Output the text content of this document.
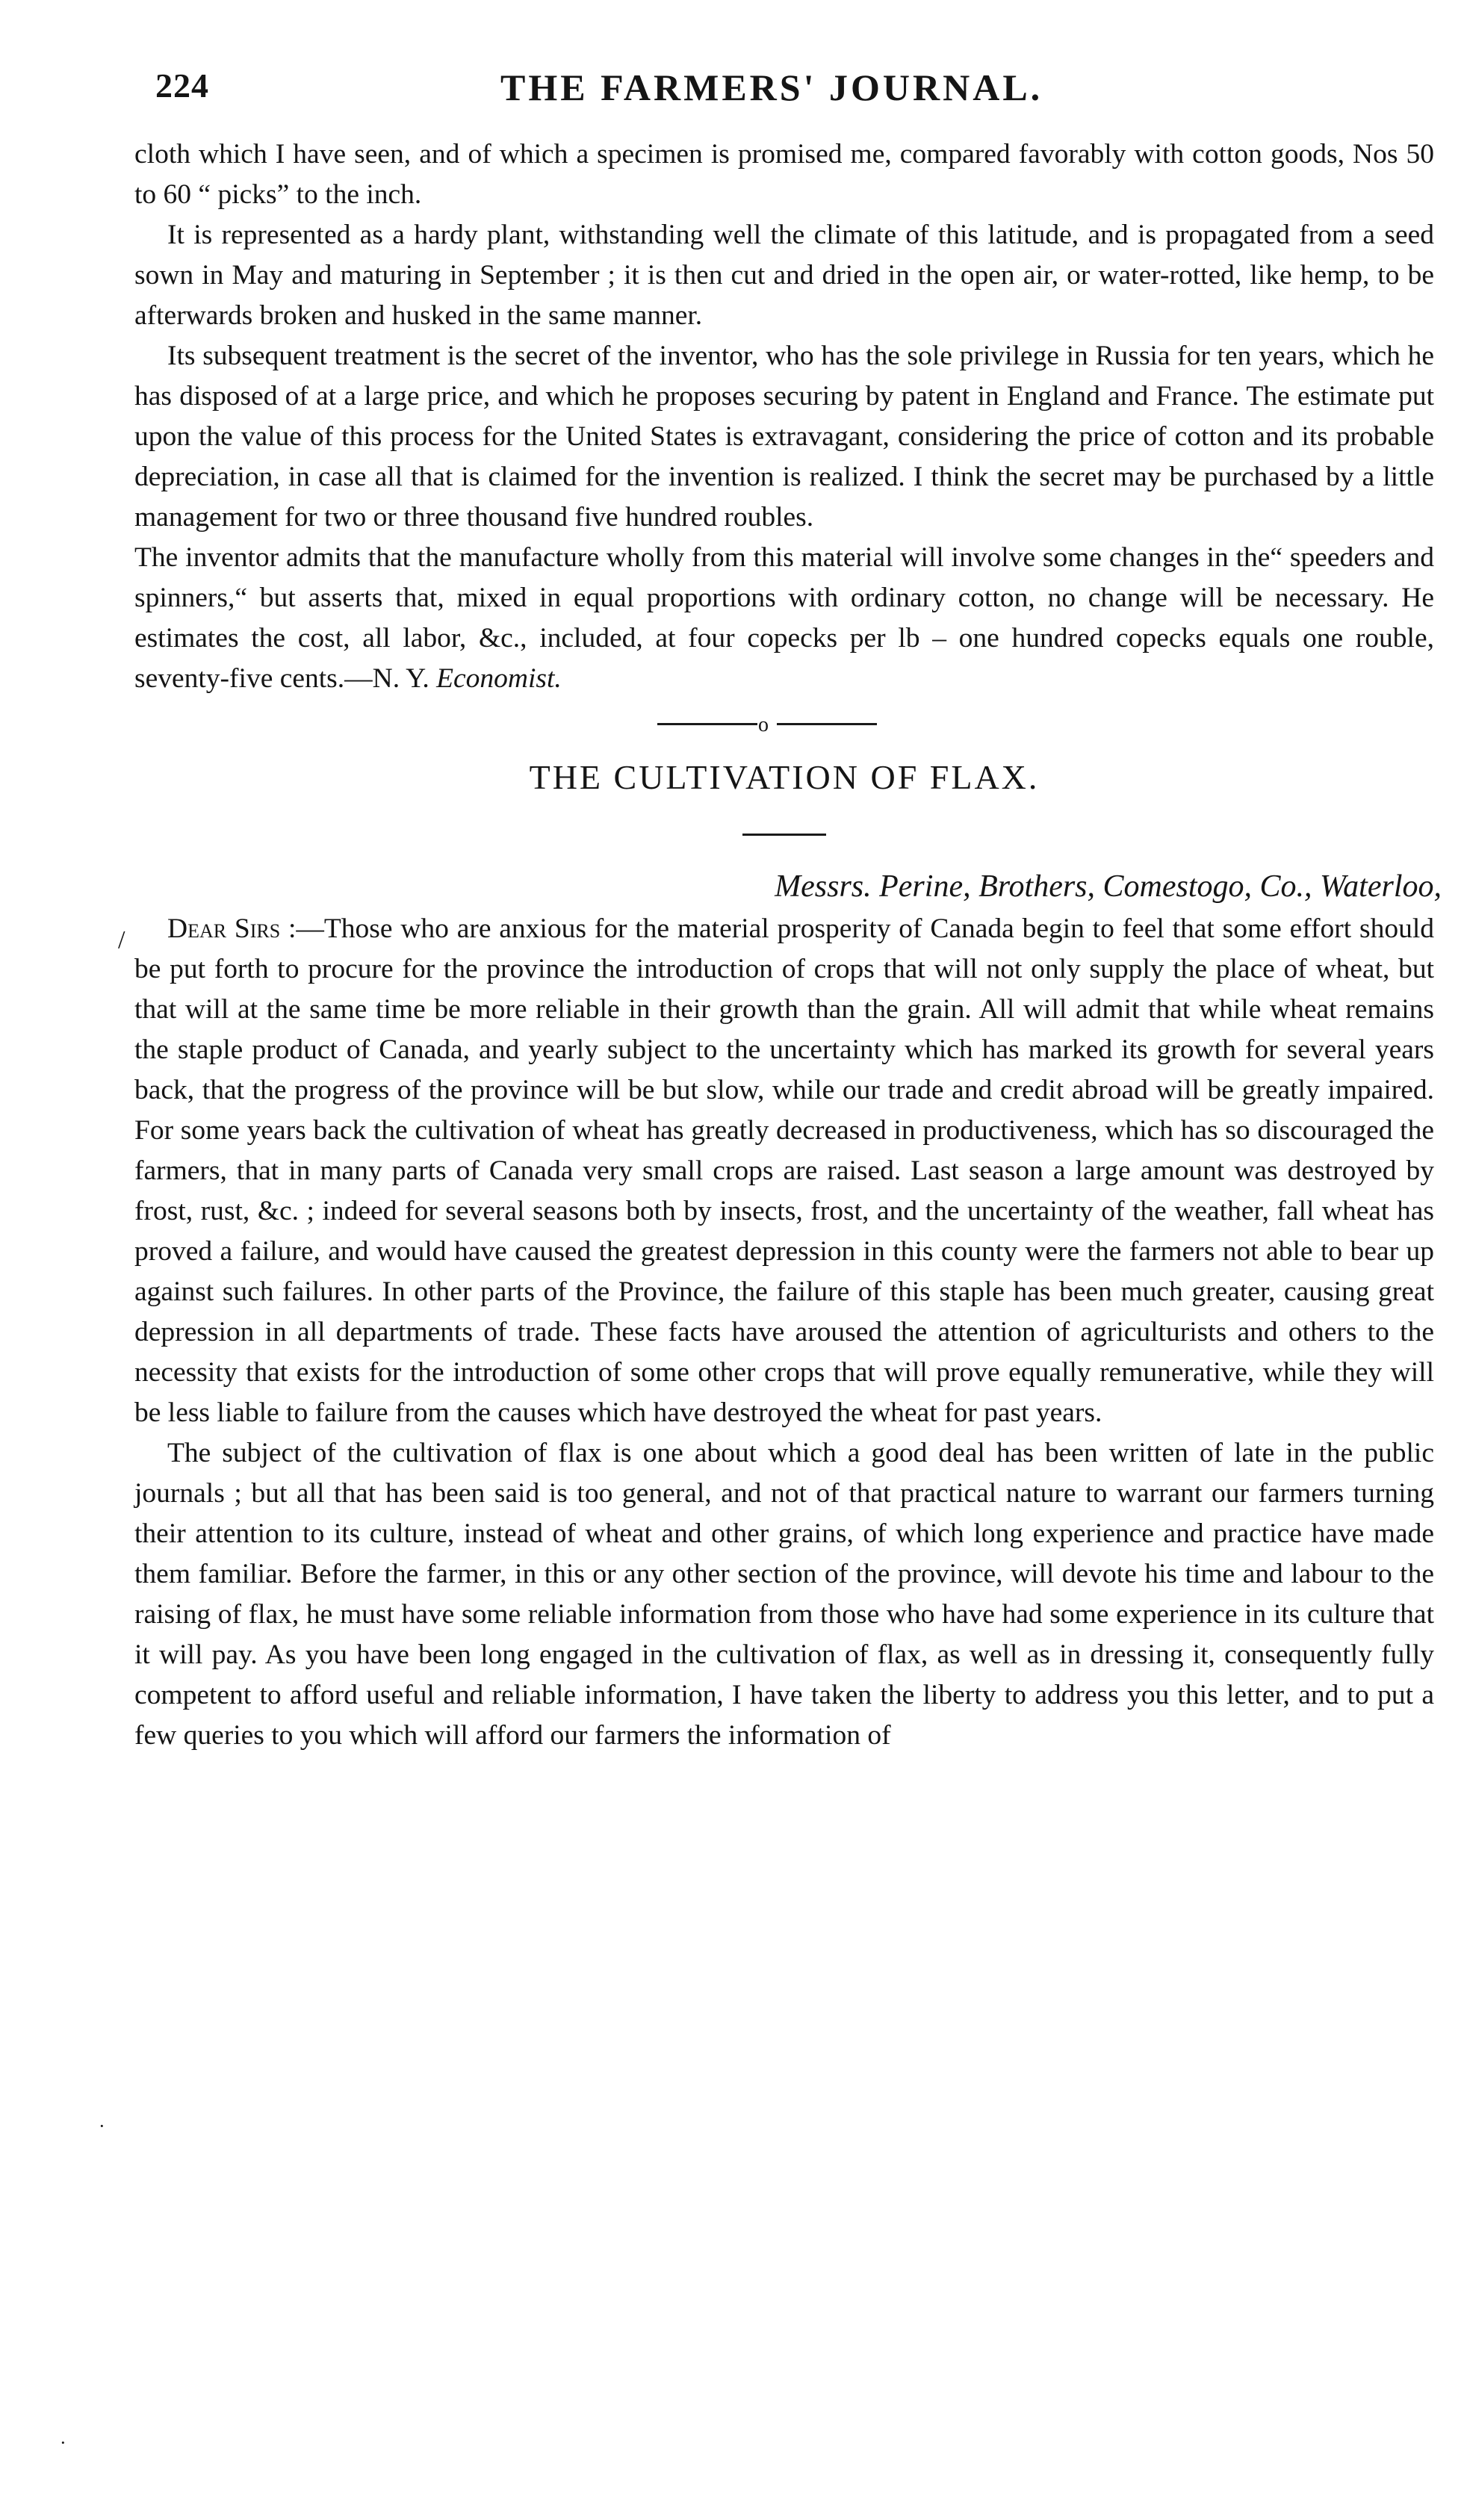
224	THE FARMERS' JOURNAL.

cloth which I have seen, and of which a specimen is promised me, compared favorably with cotton goods, Nos 50 to 60 “ picks” to the inch.

It is represented as a hardy plant, withstanding well the climate of this latitude, and is propagated from a seed sown in May and maturing in September ; it is then cut and dried in the open air, or water-rotted, like hemp, to be afterwards broken and husked in the same manner.

Its subsequent treatment is the secret of the inventor, who has the sole privilege in Russia for ten years, which he has disposed of at a large price, and which he proposes securing by patent in England and France. The estimate put upon the value of this process for the United States is extravagant, considering the price of cotton and its probable depreciation, in case all that is claimed for the invention is realized. I think the secret may be purchased by a little management for two or three thousand five hundred roubles.

The inventor admits that the manufacture wholly from this material will involve some changes in the“ speeders and spinners,“ but asserts that, mixed in equal proportions with ordinary cotton, no change will be necessary. He estimates the cost, all labor, &c., included, at four copecks per lb – one hundred copecks equals one rouble, seventy-five cents.—N. Y. Economist.

o
THE CULTIVATION OF FLAX.
Messrs. Perine, Brothers, Comestogo, Co., Waterloo,

Dear Sirs :—Those who are anxious for the material prosperity of Canada begin to feel that some effort should be put forth to procure for the province the introduction of crops that will not only supply the place of wheat, but that will at the same time be more reliable in their growth than the grain. All will admit that while wheat remains the staple product of Canada, and yearly subject to the uncertainty which has marked its growth for several years back, that the progress of the province will be but slow, while our trade and credit abroad will be greatly impaired. For some years back the cultivation of wheat has greatly decreased in productiveness, which has so discouraged the farmers, that in many parts of Canada very small crops are raised. Last season a large amount was destroyed by frost, rust, &c. ; indeed for several seasons both by insects, frost, and the uncertainty of the weather, fall wheat has proved a failure, and would have caused the greatest depression in this county were the farmers not able to bear up against such failures. In other parts of the Province, the failure of this staple has been much greater, causing great depression in all departments of trade. These facts have aroused the attention of agriculturists and others to the necessity that exists for the introduction of some other crops that will prove equally remunerative, while they will be less liable to failure from the causes which have destroyed the wheat for past years.

The subject of the cultivation of flax is one about which a good deal has been written of late in the public journals ; but all that has been said is too general, and not of that practical nature to warrant our farmers turning their attention to its culture, instead of wheat and other grains, of which long experience and practice have made them familiar. Before the farmer, in this or any other section of the province, will devote his time and labour to the raising of flax, he must have some reliable information from those who have had some experience in its culture that it will pay. As you have been long engaged in the cultivation of flax, as well as in dressing it, consequently fully competent to afford useful and reliable information, I have taken the liberty to address you this letter, and to put a few queries to you which will afford our farmers the information of

/
·
·
